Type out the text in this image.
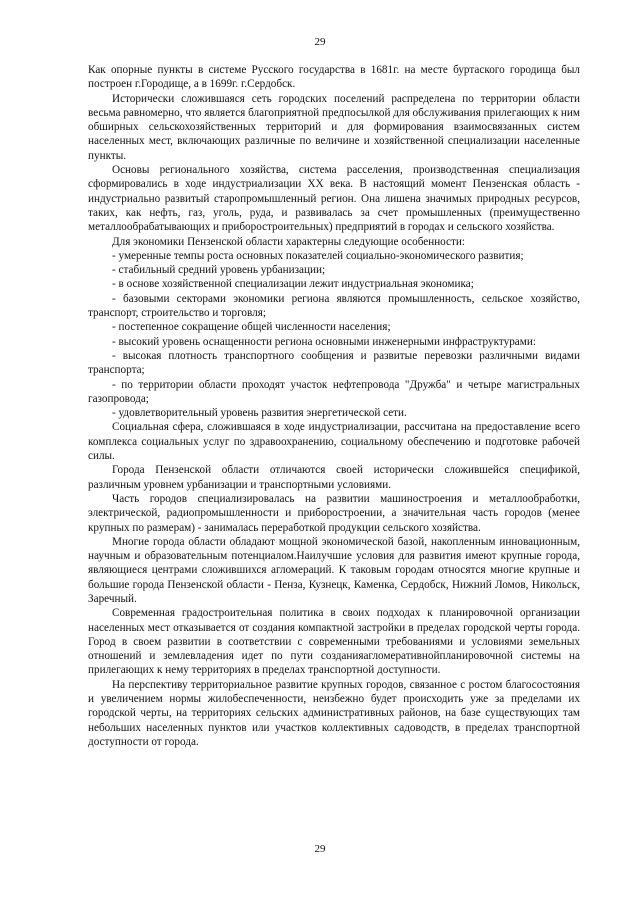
29

Как опорные пункты в системе Русского государства в 1681г. на месте буртаского городища был построен г.Городище, а в 1699г. г.Сердобск.

Исторически сложившаяся сеть городских поселений распределена по территории области весьма равномерно, что является благоприятной предпосылкой для обслуживания прилегающих к ним обширных сельскохозяйственных территорий и для формирования взаимосвязанных систем населенных мест, включающих различные по величине и хозяйственной специализации населенные пункты.

Основы регионального хозяйства, система расселения, производственная специализация сформировались в ходе индустриализации XX века. В настоящий момент Пензенская область - индустриально развитый старопромышленный регион. Она лишена значимых природных ресурсов, таких, как нефть, газ, уголь, руда, и развивалась за счет промышленных (преимущественно металлообрабатывающих и приборостроительных) предприятий в городах и сельского хозяйства.

Для экономики Пензенской области характерны следующие особенности:

- умеренные темпы роста основных показателей социально-экономического развития;

- стабильный средний уровень урбанизации;

- в основе хозяйственной специализации лежит индустриальная экономика;

- базовыми секторами экономики региона являются промышленность, сельское хозяйство, транспорт, строительство и торговля;

- постепенное сокращение общей численности населения;

- высокий уровень оснащенности региона основными инженерными инфраструктурами:

- высокая плотность транспортного сообщения и развитые перевозки различными видами транспорта;

- по территории области проходят участок нефтепровода "Дружба" и четыре магистральных газопровода;

- удовлетворительный уровень развития энергетической сети.

Социальная сфера, сложившаяся в ходе индустриализации, рассчитана на предоставление всего комплекса социальных услуг по здравоохранению, социальному обеспечению и подготовке рабочей силы.

Города Пензенской области отличаются своей исторически сложившейся спецификой, различным уровнем урбанизации и транспортными условиями.

Часть городов специализировалась на развитии машиностроения и металлообработки, электрической, радиопромышленности и приборостроении, а значительная часть городов (менее крупных по размерам) - занималась переработкой продукции сельского хозяйства.

Многие города области обладают мощной экономической базой, накопленным инновационным, научным и образовательным потенциалом.Наилучшие условия для развития имеют крупные города, являющиеся центрами сложившихся агломераций. К таковым городам относятся многие крупные и большие города Пензенской области - Пенза, Кузнецк, Каменка, Сердобск, Нижний Ломов, Никольск, Заречный.

Современная градостроительная политика в своих подходах к планировочной организации населенных мест отказывается от создания компактной застройки в пределах городской черты города. Город в своем развитии в соответствии с современными требованиями и условиями земельных отношений и землевладения идет по пути созданияагломеративнойпланировочной системы на прилегающих к нему территориях в пределах транспортной доступности.

На перспективу территориальное развитие крупных городов, связанное с ростом благосостояния и увеличением нормы жилобеспеченности, неизбежно будет происходить уже за пределами их городской черты, на территориях сельских административных районов, на базе существующих там небольших населенных пунктов или участков коллективных садоводств, в пределах транспортной доступности от города.

29
